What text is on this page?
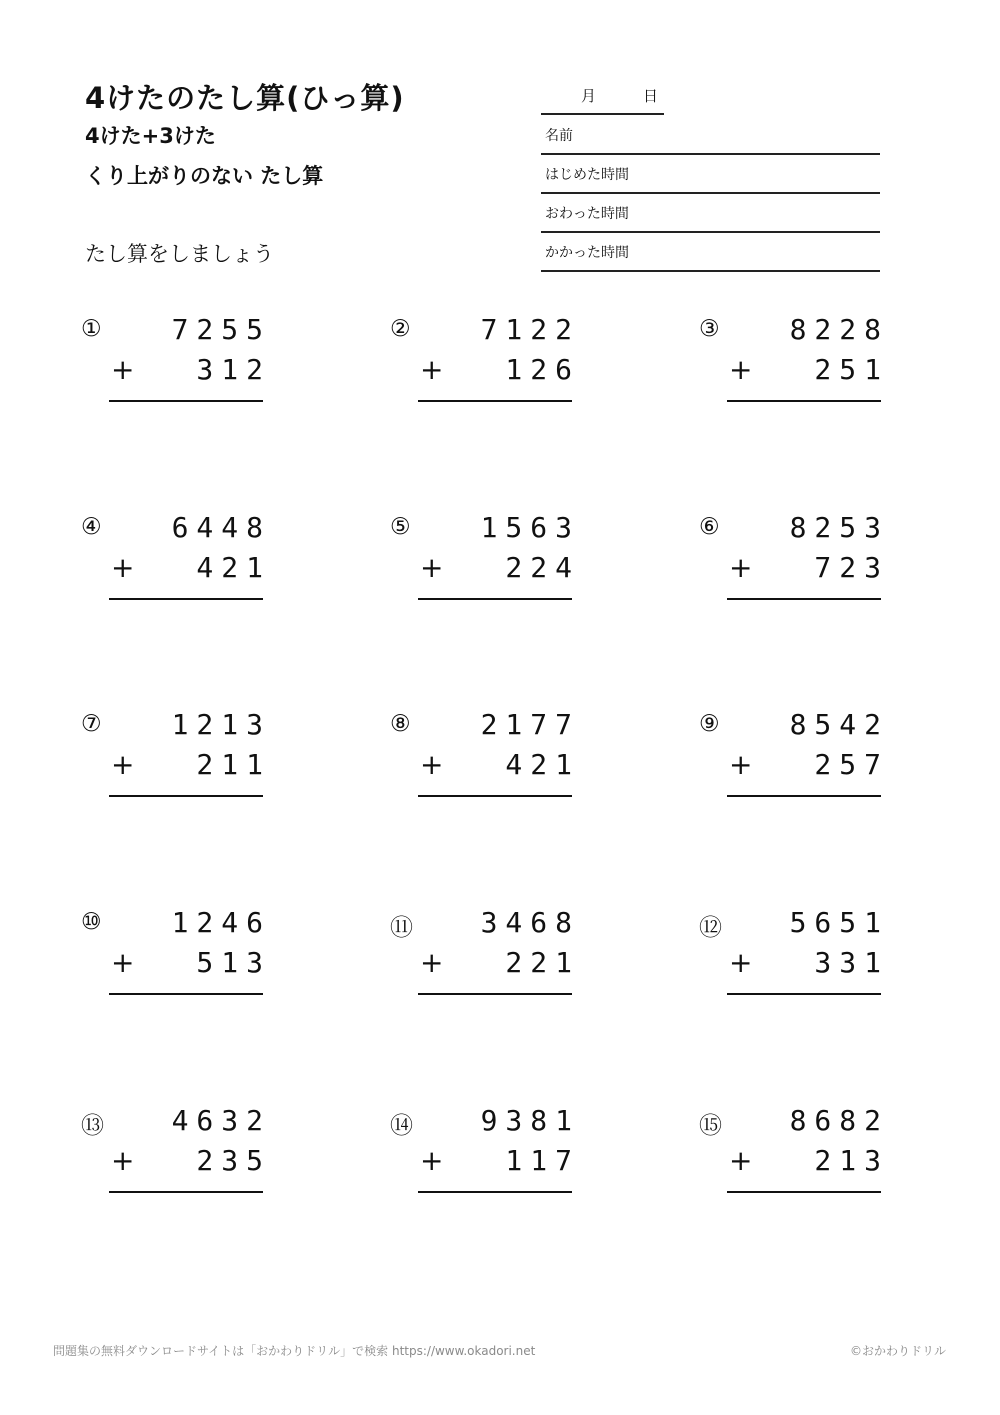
4けたのたし算(ひっ算)
4けた+3けた
くり上がりのない たし算
たし算をしましょう
月	日
名前
はじめた時間
おわった時間
かかった時間
①	7255
+	312
②	7122
+	126
③	8228
+	251
④	6448
+	421
⑤	1563
+	224
⑥	8253
+	723
⑦	1213
+	211
⑧	2177
+	421
⑨	8542
+	257
⑩	1246
+	513
⑪	3468
+	221
⑫	5651
+	331
⑬	4632
+	235
⑭	9381
+	117
⑮	8682
+	213
問題集の無料ダウンロードサイトは「おかわりドリル」で検索 https://www.okadori.net	©おかわりドリル
